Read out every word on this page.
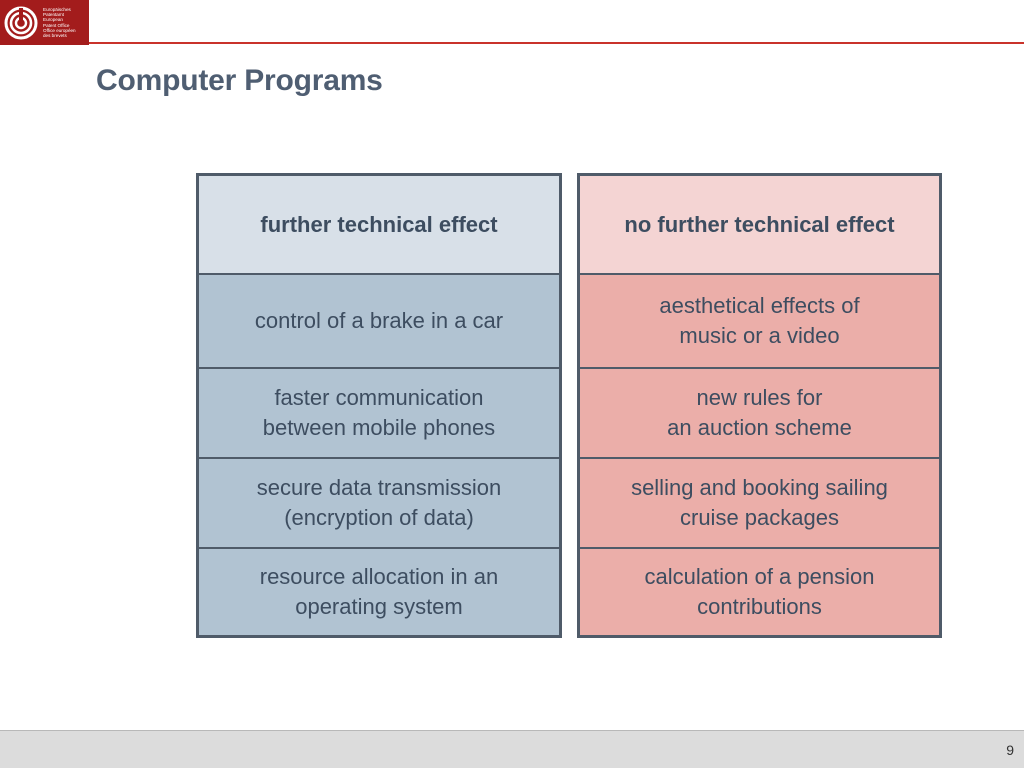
Europäisches
Patentamt
European
Patent Office
Office européen
des brevets
Computer Programs
further technical effect
control of a brake in a car
faster communication
between mobile phones
secure data transmission
(encryption of data)
resource allocation in an
operating system
no further technical effect
aesthetical effects of
music or a video
new rules for
an auction scheme
selling and booking sailing
cruise packages
calculation of a pension
contributions
9
